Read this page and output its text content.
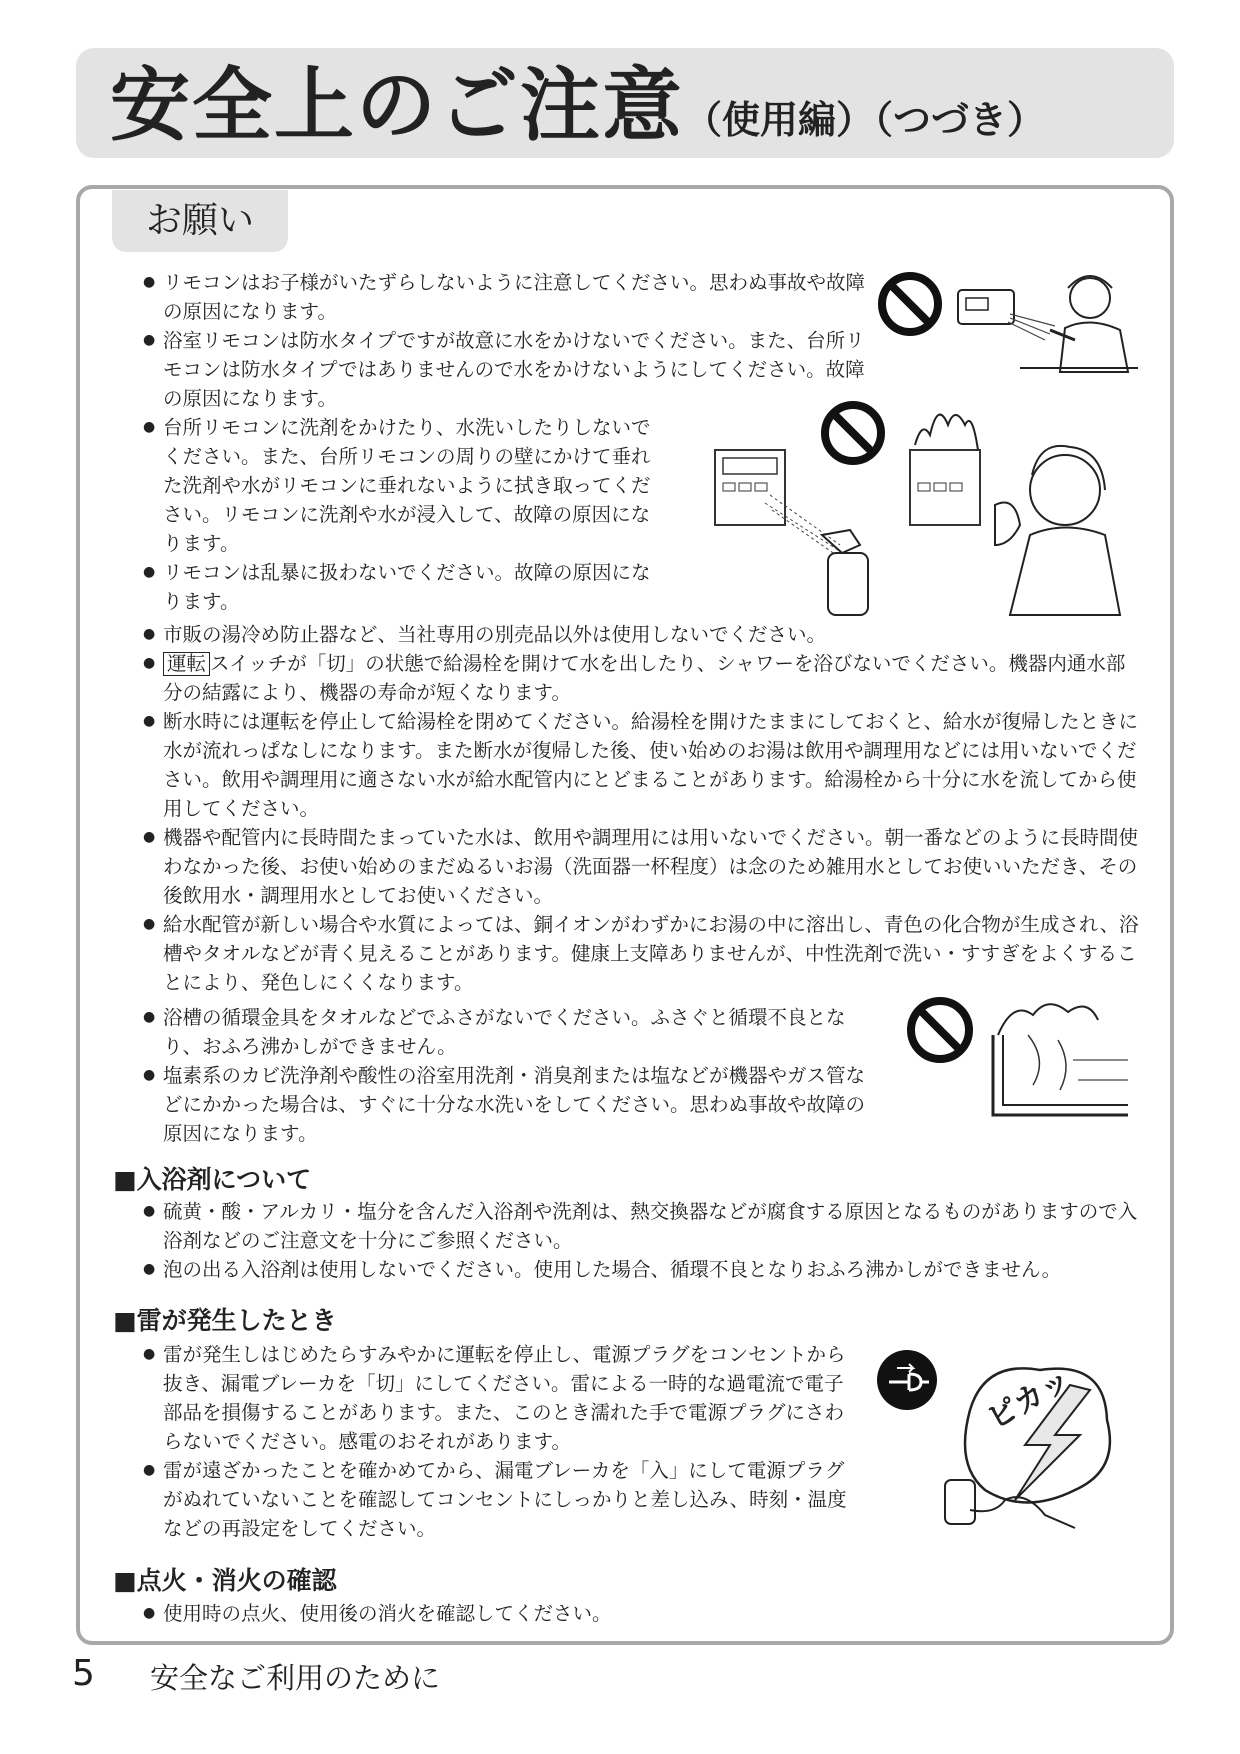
安全上のご注意（使用編）（つづき）
お願い
● リモコンはお子様がいたずらしないように注意してください。思わぬ事故や故障の原因になります。
● 浴室リモコンは防水タイプですが故意に水をかけないでください。また、台所リモコンは防水タイプではありませんので水をかけないようにしてください。故障の原因になります。
● 台所リモコンに洗剤をかけたり、水洗いしたりしないでください。また、台所リモコンの周りの壁にかけて垂れた洗剤や水がリモコンに垂れないように拭き取ってください。リモコンに洗剤や水が浸入して、故障の原因になります。
● リモコンは乱暴に扱わないでください。故障の原因になります。
● 市販の湯冷め防止器など、当社専用の別売品以外は使用しないでください。
● 運転 スイッチが「切」の状態で給湯栓を開けて水を出したり、シャワーを浴びないでください。機器内通水部分の結露により、機器の寿命が短くなります。
● 断水時には運転を停止して給湯栓を閉めてください。給湯栓を開けたままにしておくと、給水が復帰したときに水が流れっぱなしになります。また断水が復帰した後、使い始めのお湯は飲用や調理用などには用いないでください。飲用や調理用に適さない水が給水配管内にとどまることがあります。給湯栓から十分に水を流してから使用してください。
● 機器や配管内に長時間たまっていた水は、飲用や調理用には用いないでください。朝一番などのように長時間使わなかった後、お使い始めのまだぬるいお湯（洗面器一杯程度）は念のため雑用水としてお使いいただき、その後飲用水・調理用水としてお使いください。
● 給水配管が新しい場合や水質によっては、銅イオンがわずかにお湯の中に溶出し、青色の化合物が生成され、浴槽やタオルなどが青く見えることがあります。健康上支障ありませんが、中性洗剤で洗い・すすぎをよくすることにより、発色しにくくなります。
● 浴槽の循環金具をタオルなどでふさがないでください。ふさぐと循環不良となり、おふろ沸かしができません。
● 塩素系のカビ洗浄剤や酸性の浴室用洗剤・消臭剤または塩などが機器やガス管などにかかった場合は、すぐに十分な水洗いをしてください。思わぬ事故や故障の原因になります。
■入浴剤について
● 硫黄・酸・アルカリ・塩分を含んだ入浴剤や洗剤は、熱交換器などが腐食する原因となるものがありますので入浴剤などのご注意文を十分にご参照ください。
● 泡の出る入浴剤は使用しないでください。使用した場合、循環不良となりおふろ沸かしができません。
■雷が発生したとき
● 雷が発生しはじめたらすみやかに運転を停止し、電源プラグをコンセントから抜き、漏電ブレーカを「切」にしてください。雷による一時的な過電流で電子部品を損傷することがあります。また、このとき濡れた手で電源プラグにさわらないでください。感電のおそれがあります。
● 雷が遠ざかったことを確かめてから、漏電ブレーカを「入」にして電源プラグがぬれていないことを確認してコンセントにしっかりと差し込み、時刻・温度などの再設定をしてください。
■点火・消火の確認
● 使用時の点火、使用後の消火を確認してください。
5 安全なご利用のために
ピカッ
